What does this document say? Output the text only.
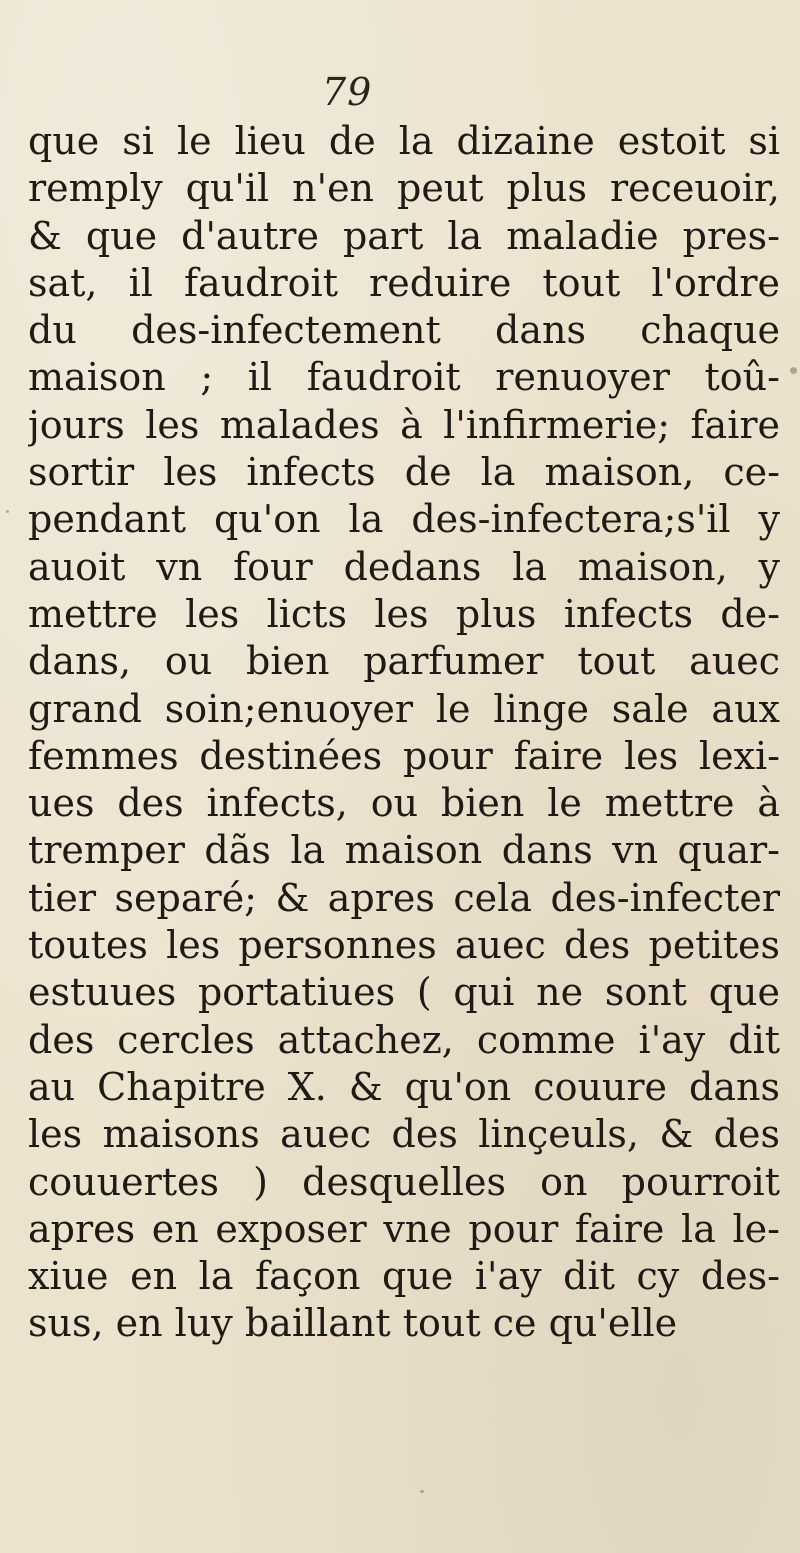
79
que si le lieu de la dizaine estoit si
remply qu'il n'en peut plus receuoir,
& que d'autre part la maladie pres-
sat, il faudroit reduire tout l'ordre
du des-infectement dans chaque
maison ; il faudroit renuoyer toû-
jours les malades à l'infirmerie; faire
sortir les infects de la maison, ce-
pendant qu'on la des-infectera;s'il y
auoit vn four dedans la maison, y
mettre les licts les plus infects de-
dans, ou bien parfumer tout auec
grand soin;enuoyer le linge sale aux
femmes destinées pour faire les lexi-
ues des infects, ou bien le mettre à
tremper dãs la maison dans vn quar-
tier separé; & apres cela des-infecter
toutes les personnes auec des petites
estuues portatiues ( qui ne sont que
des cercles attachez, comme i'ay dit
au Chapitre X. & qu'on couure dans
les maisons auec des linçeuls, & des
couuertes ) desquelles on pourroit
apres en exposer vne pour faire la le-
xiue en la façon que i'ay dit cy des-
sus, en luy baillant tout ce qu'elle
